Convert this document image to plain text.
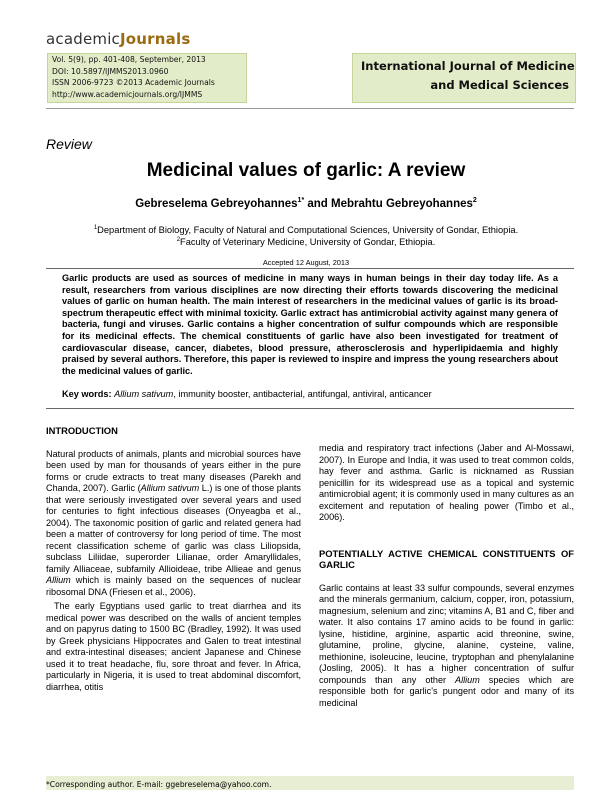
academicJournals
Vol. 5(9), pp. 401-408, September, 2013
DOI: 10.5897/IJMMS2013.0960
ISSN 2006-9723 ©2013 Academic Journals
http://www.academicjournals.org/IJMMS
International Journal of Medicine
and Medical Sciences
Review
Medicinal values of garlic: A review
Gebreselema Gebreyohannes$^{1*}$ and Mebrahtu Gebreyohannes$^2$
$^1$Department of Biology, Faculty of Natural and Computational Sciences, University of Gondar, Ethiopia.
$^2$Faculty of Veterinary Medicine, University of Gondar, Ethiopia.
Accepted 12 August, 2013
Garlic products are used as sources of medicine in many ways in human beings in their day today life. As a result, researchers from various disciplines are now directing their efforts towards discovering the medicinal values of garlic on human health. The main interest of researchers in the medicinal values of garlic is its broad-spectrum therapeutic effect with minimal toxicity. Garlic extract has antimicrobial activity against many genera of bacteria, fungi and viruses. Garlic contains a higher concentration of sulfur compounds which are responsible for its medicinal effects. The chemical constituents of garlic have also been investigated for treatment of cardiovascular disease, cancer, diabetes, blood pressure, atherosclerosis and hyperlipidaemia and highly praised by several authors. Therefore, this paper is reviewed to inspire and impress the young researchers about the medicinal values of garlic.
Key words: Allium sativum, immunity booster, antibacterial, antifungal, antiviral, anticancer
INTRODUCTION

Natural products of animals, plants and microbial sources have been used by man for thousands of years either in the pure forms or crude extracts to treat many diseases (Parekh and Chanda, 2007). Garlic (Allium sativum L.) is one of those plants that were seriously investigated over several years and used for centuries to fight infectious diseases (Onyeagba et al., 2004). The taxonomic position of garlic and related genera had been a matter of controversy for long period of time. The most recent classification scheme of garlic was class Liliopsida, subclass Liliidae, superorder Lilianae, order Amaryllidales, family Alliaceae, subfamily Allioideae, tribe Allieae and genus Allium which is mainly based on the sequences of nuclear ribosomal DNA (Friesen et al., 2006).

The early Egyptians used garlic to treat diarrhea and its medical power was described on the walls of ancient temples and on papyrus dating to 1500 BC (Bradley, 1992). It was used by Greek physicians Hippocrates and Galen to treat intestinal and extra-intestinal diseases; ancient Japanese and Chinese used it to treat headache, flu, sore throat and fever. In Africa, particularly in Nigeria, it is used to treat abdominal discomfort, diarrhea, otitis

media and respiratory tract infections (Jaber and Al-Mossawi, 2007). In Europe and India, it was used to treat common colds, hay fever and asthma. Garlic is nicknamed as Russian penicillin for its widespread use as a topical and systemic antimicrobial agent; it is commonly used in many cultures as an excitement and reputation of healing power (Timbo et al., 2006).

POTENTIALLY ACTIVE CHEMICAL CONSTITUENTS OF GARLIC

Garlic contains at least 33 sulfur compounds, several enzymes and the minerals germanium, calcium, copper, iron, potassium, magnesium, selenium and zinc; vitamins A, B1 and C, fiber and water. It also contains 17 amino acids to be found in garlic: lysine, histidine, arginine, aspartic acid threonine, swine, glutamine, proline, glycine, alanine, cysteine, valine, methionine, isoleucine, leucine, tryptophan and phenylalanine (Josling, 2005). It has a higher concentration of sulfur compounds than any other Allium species which are responsible both for garlic's pungent odor and many of its medicinal

*Corresponding author. E-mail: ggebreselema@yahoo.com.
